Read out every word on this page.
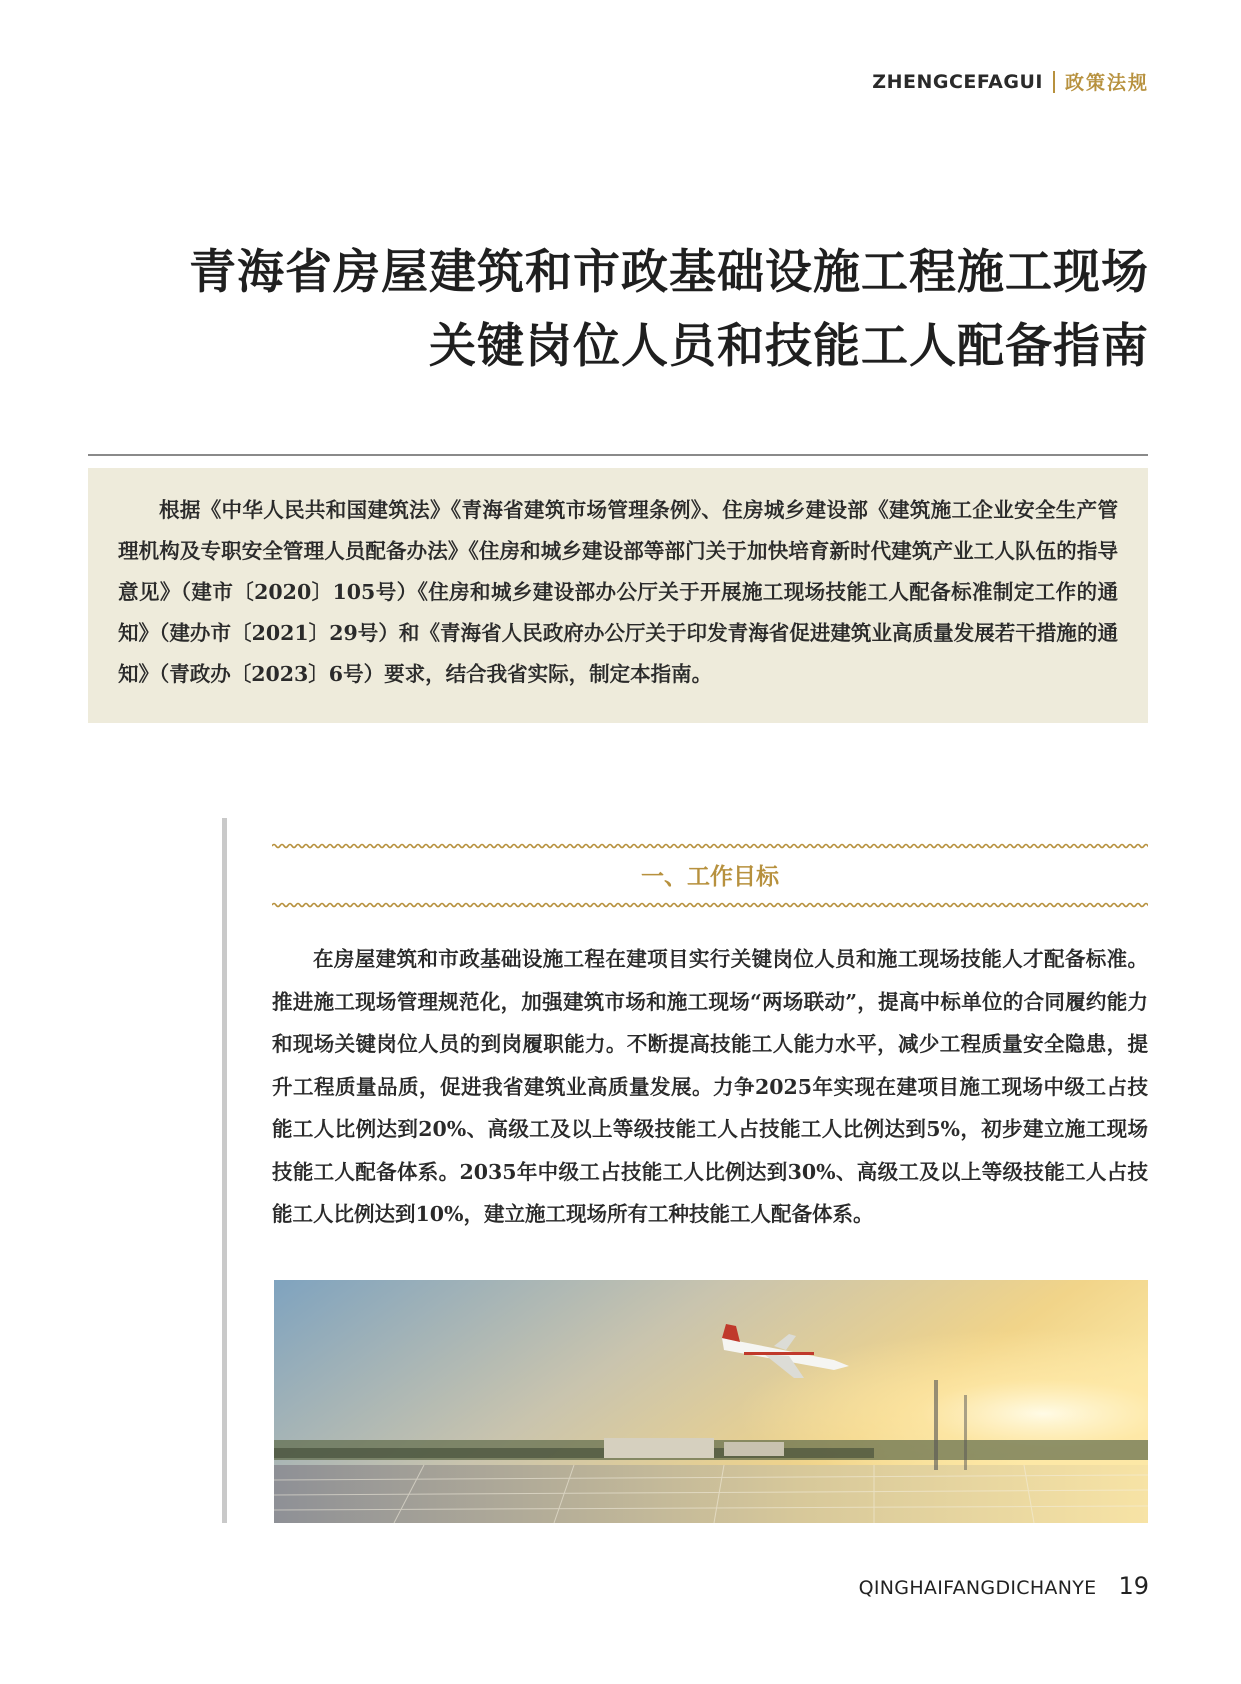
ZHENGCEFAGUI 政策法规
青海省房屋建筑和市政基础设施工程施工现场
关键岗位人员和技能工人配备指南

根据《中华人民共和国建筑法》《青海省建筑市场管理条例》、住房城乡建设部《建筑施工企业安全生产管理机构及专职安全管理人员配备办法》《住房和城乡建设部等部门关于加快培育新时代建筑产业工人队伍的指导意见》（建市〔2020〕105号）《住房和城乡建设部办公厅关于开展施工现场技能工人配备标准制定工作的通知》（建办市〔2021〕29号）和《青海省人民政府办公厅关于印发青海省促进建筑业高质量发展若干措施的通知》（青政办〔2023〕6号）要求，结合我省实际，制定本指南。

一、工作目标

在房屋建筑和市政基础设施工程在建项目实行关键岗位人员和施工现场技能人才配备标准。推进施工现场管理规范化，加强建筑市场和施工现场“两场联动”，提高中标单位的合同履约能力和现场关键岗位人员的到岗履职能力。不断提高技能工人能力水平，减少工程质量安全隐患，提升工程质量品质，促进我省建筑业高质量发展。力争2025年实现在建项目施工现场中级工占技能工人比例达到20%、高级工及以上等级技能工人占技能工人比例达到5%，初步建立施工现场技能工人配备体系。2035年中级工占技能工人比例达到30%、高级工及以上等级技能工人占技能工人比例达到10%，建立施工现场所有工种技能工人配备体系。

QINGHAIFANGDICHANYE 19
